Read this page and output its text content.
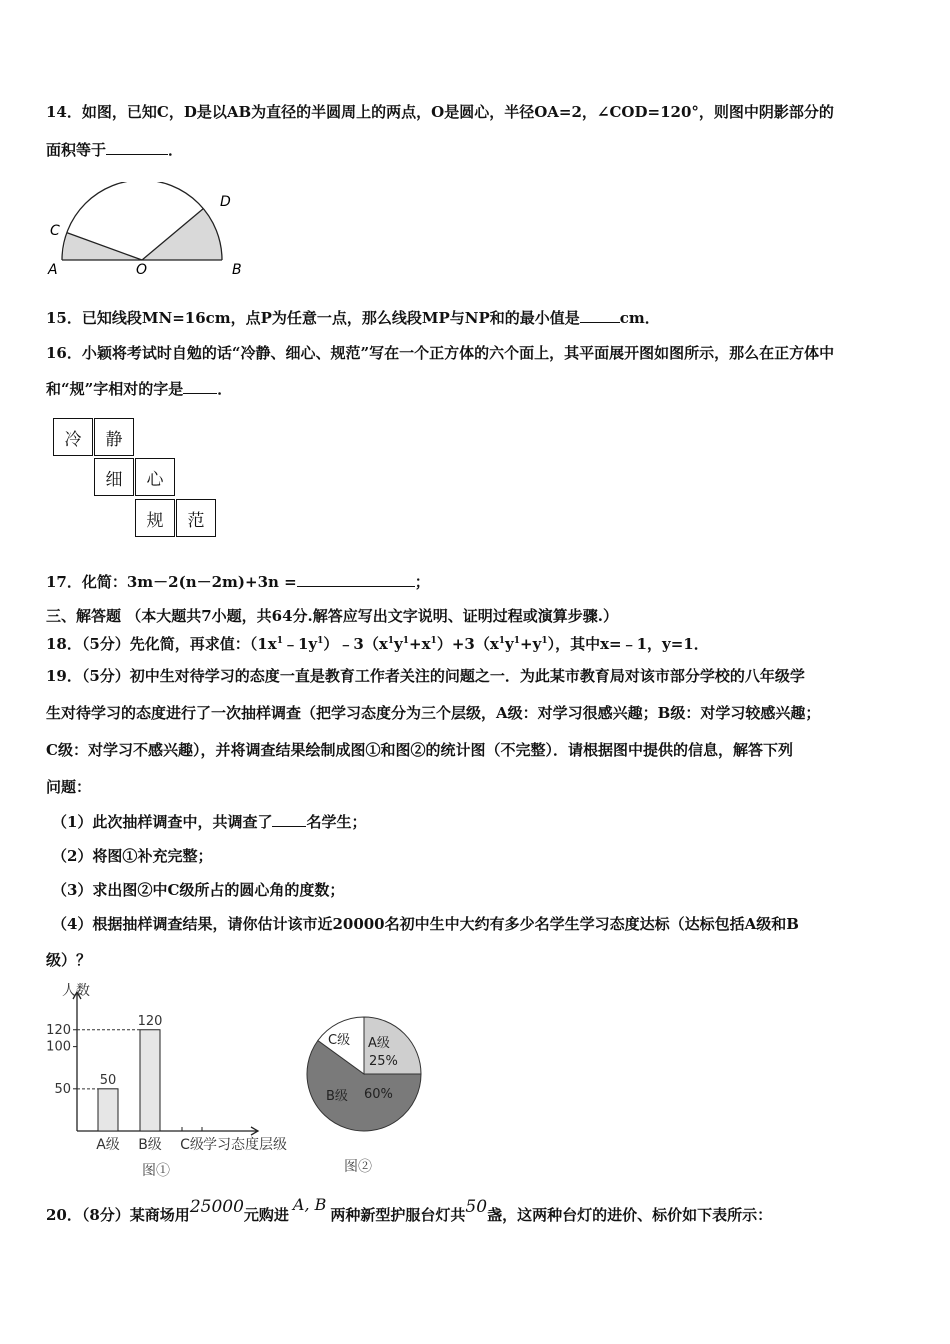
14．如图，已知C，D是以AB为直径的半圆周上的两点，O是圆心，半径OA=2，∠COD=120°，则图中阴影部分的
面积等于	．
A	O	B
C
D
15．已知线段MN=16cm，点P为任意一点，那么线段MP与NP和的最小值是	cm．
16．小颖将考试时自勉的话“冷静、细心、规范”写在一个正方体的六个面上，其平面展开图如图所示，那么在正方体中
和“规”字相对的字是 ．
冷	静
细	心
规	范
17．化简：3m－2(n－2m)+3n =	；
三、解答题 （本大题共7小题，共64分.解答应写出文字说明、证明过程或演算步骤.）
18．（5分）先化简，再求值：$(1x^1﹣1y^1)﹣3(x^1y^1+x^1)+3(x^1y^1+y^1)$，其中x=﹣1，y=1．
19．（5分）初中生对待学习的态度一直是教育工作者关注的问题之一．为此某市教育局对该市部分学校的八年级学
生对待学习的态度进行了一次抽样调查（把学习态度分为三个层级，A级：对学习很感兴趣；B级：对学习较感兴趣；
C级：对学习不感兴趣），并将调查结果绘制成图①和图②的统计图（不完整）．请根据图中提供的信息，解答下列
问题：
（1）此次抽样调查中，共调查了 名学生；
（2）将图①补充完整；
（3）求出图②中C级所占的圆心角的度数；
（4）根据抽样调查结果，请你估计该市近20000名初中生中大约有多少名学生学习态度达标（达标包括A级和B
级）？
人数
50
100
120
50
A级
120
B级 C级 学习态度层级
图①
A级
25%
B级 60%
C级
图②
20．（8分）某商场用25000元购进A, B两种新型护服台灯共50盏，这两种台灯的进价、标价如下表所示：
